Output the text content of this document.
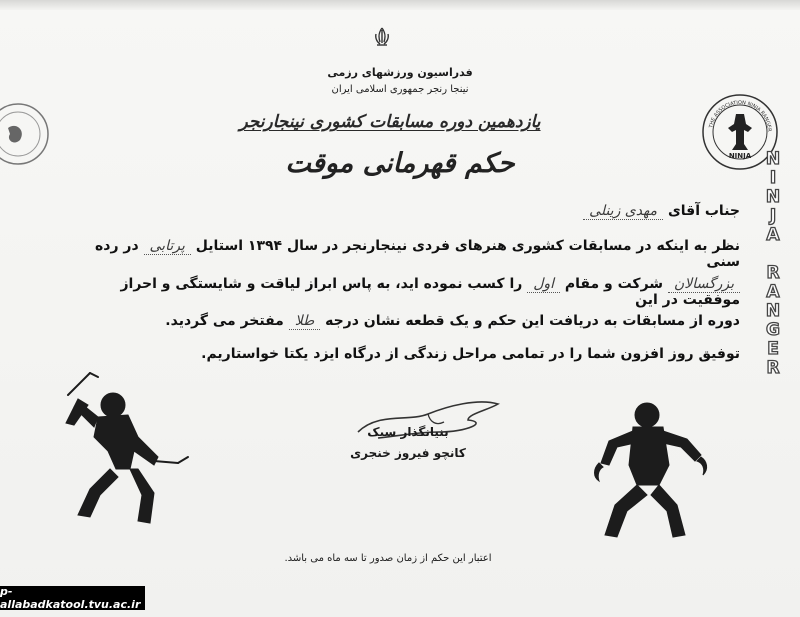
فدراسیون ورزشهای رزمی
نینجا رنجر جمهوری اسلامی ایران
NINJA
THE ASSOCIATION NINJA RANGER
یازدهمین دوره مسابقات کشوری نینجارنجر
حکم قهرمانی موقت	N
I
N
J
A

R
A
N
G
E
R
جناب آقای مهدی زینلی
نظر به اینکه در مسابقات کشوری هنرهای فردی نینجارنجر در سال ۱۳۹۴ استایل پرتابی در رده سنی
بزرگسالان شرکت و مقام اول را کسب نموده اید، به پاس ابراز لیاقت و شایستگی و احراز موفقیت در این
دوره از مسابقات به دریافت این حکم و یک قطعه نشان درجه طلا مفتخر می گردید.
توفیق روز افزون شما را در تمامی مراحل زندگی از درگاه ایزد یکتا خواستاریم.
بنیانگذار سبک
کانچو فیروز خنجری
اعتبار این حکم از زمان صدور تا سه ماه می باشد.
p-allabadkatool.tvu.ac.ir
